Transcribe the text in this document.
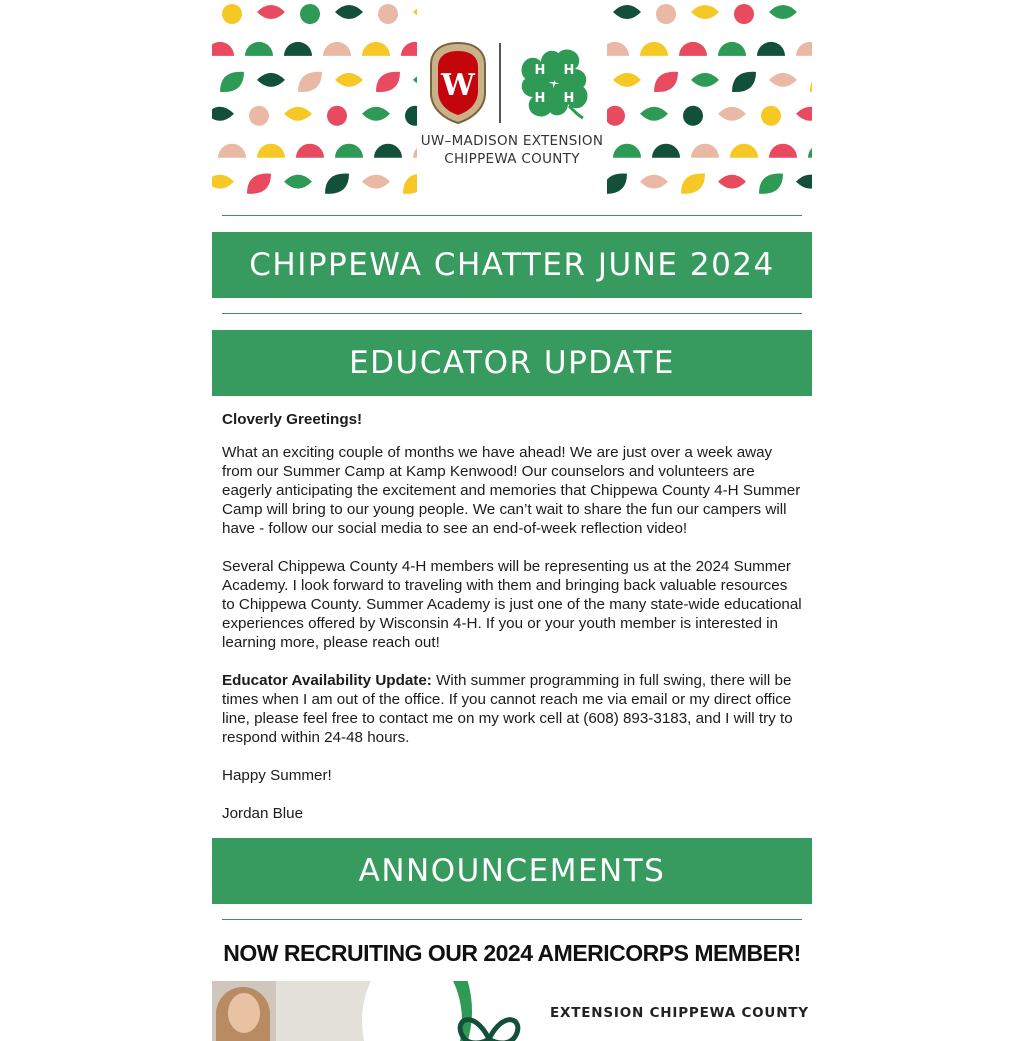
W	H H
H
H
UW–MADISON EXTENSION
CHIPPEWA COUNTY
CHIPPEWA CHATTER JUNE 2024
EDUCATOR UPDATE

Cloverly Greetings!

What an exciting couple of months we have ahead! We are just over a week away from our Summer Camp at Kamp Kenwood! Our counselors and volunteers are eagerly anticipating the excitement and memories that Chippewa County 4-H Summer Camp will bring to our young people. We can’t wait to share the fun our campers will have - follow our social media to see an end-of-week reflection video!

Several Chippewa County 4-H members will be representing us at the 2024 Summer Academy. I look forward to traveling with them and bringing back valuable resources to Chippewa County. Summer Academy is just one of the many state-wide educational experiences offered by Wisconsin 4-H. If you or your youth member is interested in learning more, please reach out!

Educator Availability Update: With summer programming in full swing, there will be times when I am out of the office. If you cannot reach me via email or my direct office line, please feel free to contact me on my work cell at (608) 893-3183, and I will try to respond within 24-48 hours.

Happy Summer!

Jordan Blue

ANNOUNCEMENTS
NOW RECRUITING OUR 2024 AMERICORPS MEMBER!
EXTENSION CHIPPEWA COUNTY
